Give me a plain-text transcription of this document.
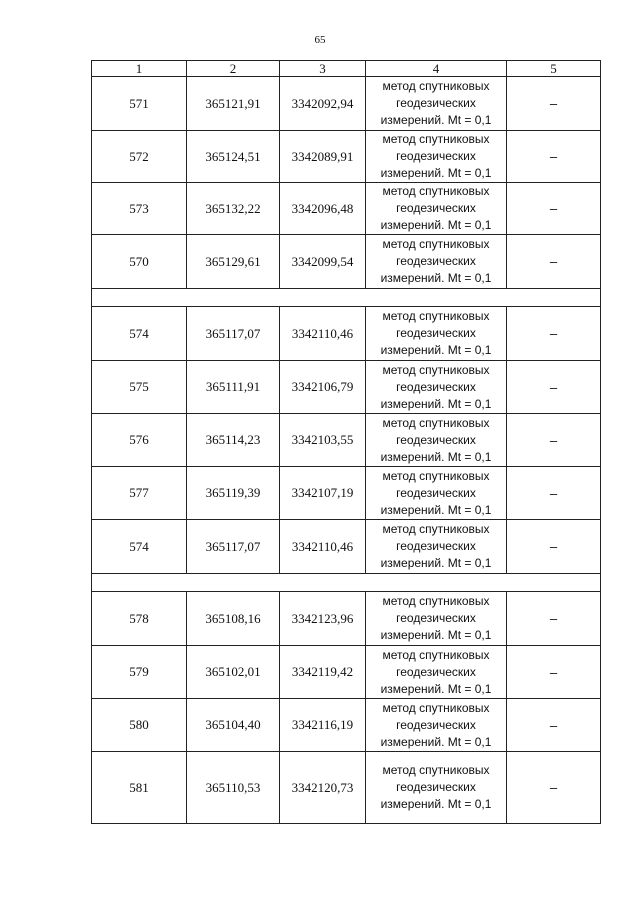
65
1	2	3	4	5
571	365121,91	3342092,94	метод спутниковых
геодезических
измерений. Mt = 0,1	–
572	365124,51	3342089,91	метод спутниковых
геодезических
измерений. Mt = 0,1	–
573	365132,22	3342096,48	метод спутниковых
геодезических
измерений. Mt = 0,1	–
570	365129,61	3342099,54	метод спутниковых
геодезических
измерений. Mt = 0,1	–

574	365117,07	3342110,46	метод спутниковых
геодезических
измерений. Mt = 0,1	–
575	365111,91	3342106,79	метод спутниковых
геодезических
измерений. Mt = 0,1	–
576	365114,23	3342103,55	метод спутниковых
геодезических
измерений. Mt = 0,1	–
577	365119,39	3342107,19	метод спутниковых
геодезических
измерений. Mt = 0,1	–
574	365117,07	3342110,46	метод спутниковых
геодезических
измерений. Mt = 0,1	–

578	365108,16	3342123,96	метод спутниковых
геодезических
измерений. Mt = 0,1	–
579	365102,01	3342119,42	метод спутниковых
геодезических
измерений. Mt = 0,1	–
580	365104,40	3342116,19	метод спутниковых
геодезических
измерений. Mt = 0,1	–
581	365110,53	3342120,73	метод спутниковых
геодезических
измерений. Mt = 0,1	–
